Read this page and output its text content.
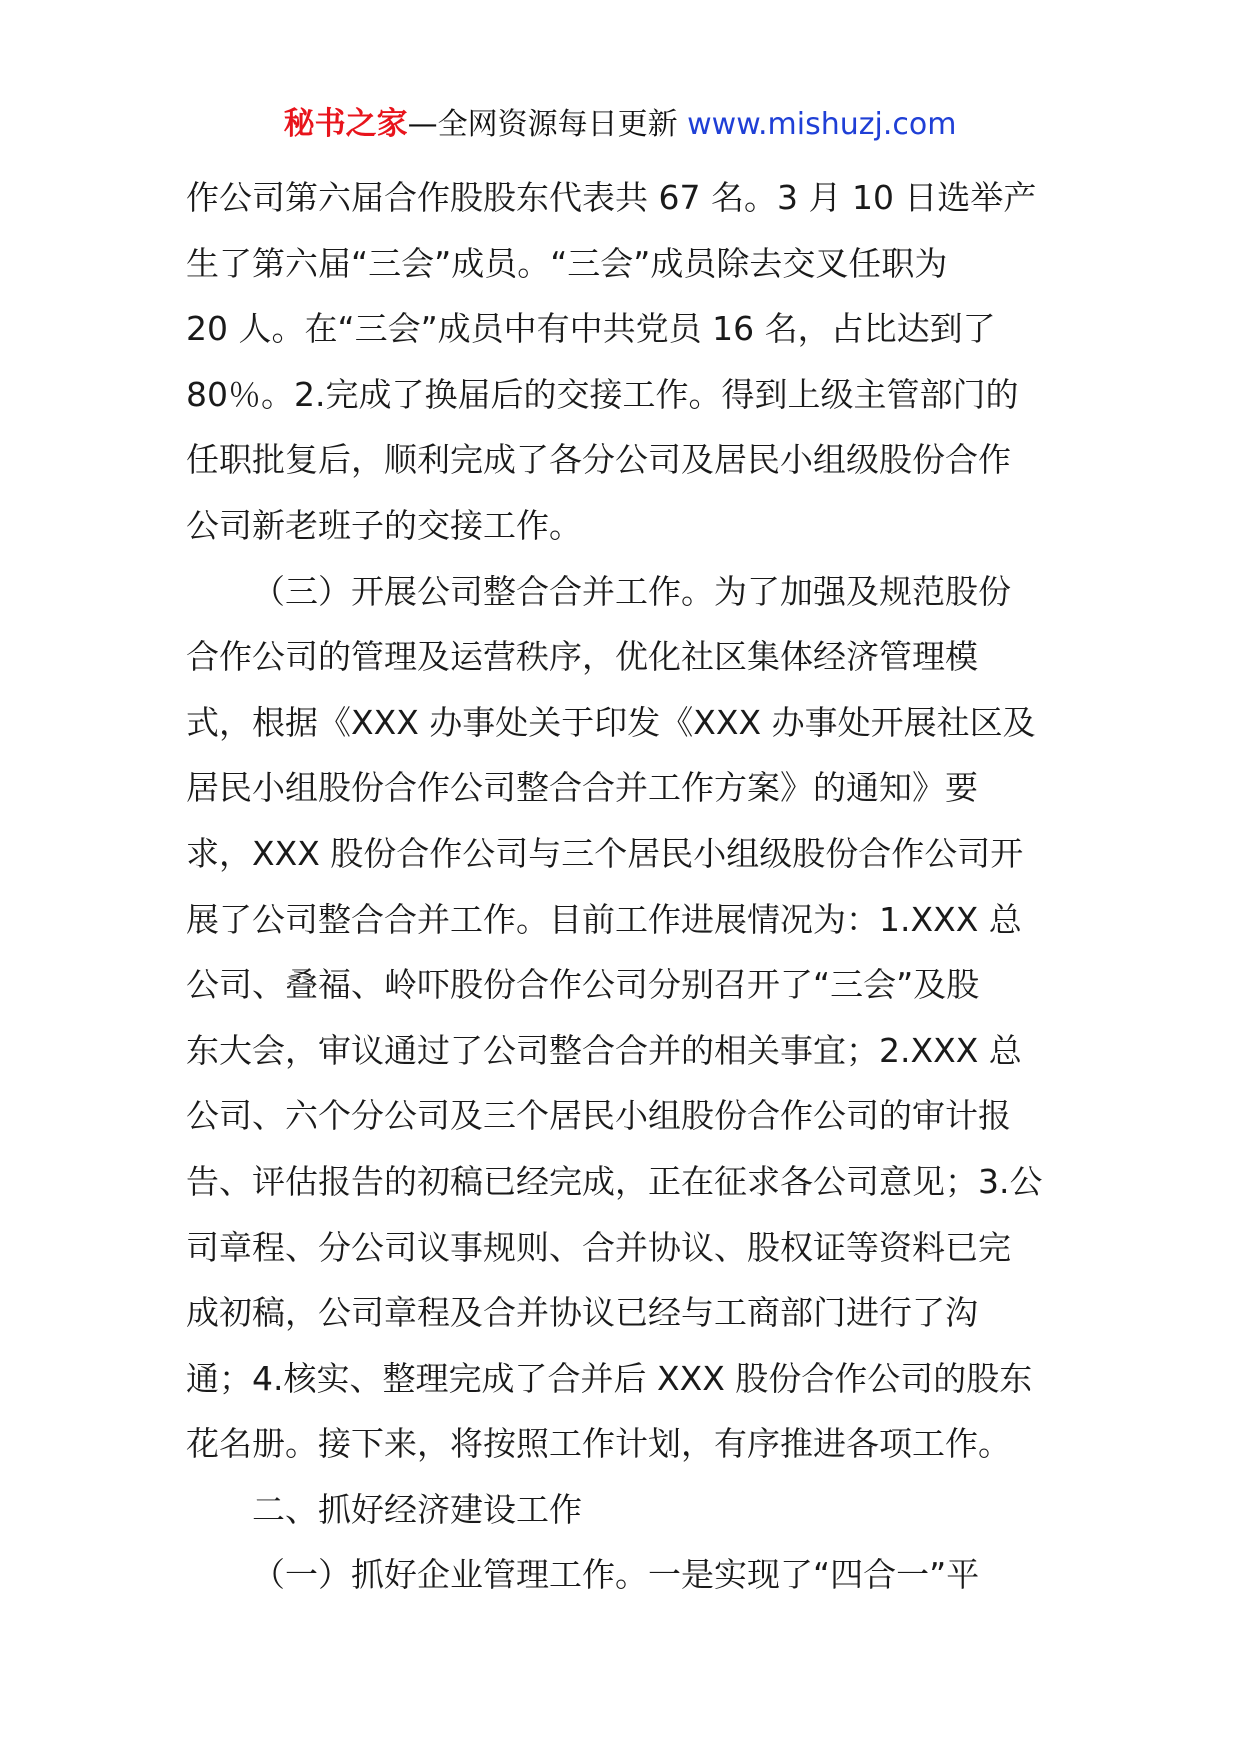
秘书之家—全网资源每日更新 www.mishuzj.com
作公司第六届合作股股东代表共 67 名。3 月 10 日选举产
生了第六届“三会”成员。“三会”成员除去交叉任职为
20 人。在“三会”成员中有中共党员 16 名，占比达到了
80％。2.完成了换届后的交接工作。得到上级主管部门的
任职批复后，顺利完成了各分公司及居民小组级股份合作
公司新老班子的交接工作。
（三）开展公司整合合并工作。为了加强及规范股份
合作公司的管理及运营秩序，优化社区集体经济管理模
式，根据《XXX 办事处关于印发《XXX 办事处开展社区及
居民小组股份合作公司整合合并工作方案》的通知》要
求，XXX 股份合作公司与三个居民小组级股份合作公司开
展了公司整合合并工作。目前工作进展情况为：1.XXX 总
公司、叠福、岭吓股份合作公司分别召开了“三会”及股
东大会，审议通过了公司整合合并的相关事宜；2.XXX 总
公司、六个分公司及三个居民小组股份合作公司的审计报
告、评估报告的初稿已经完成，正在征求各公司意见；3.公
司章程、分公司议事规则、合并协议、股权证等资料已完
成初稿，公司章程及合并协议已经与工商部门进行了沟
通；4.核实、整理完成了合并后 XXX 股份合作公司的股东
花名册。接下来，将按照工作计划，有序推进各项工作。
二、抓好经济建设工作
（一）抓好企业管理工作。一是实现了“四合一”平
